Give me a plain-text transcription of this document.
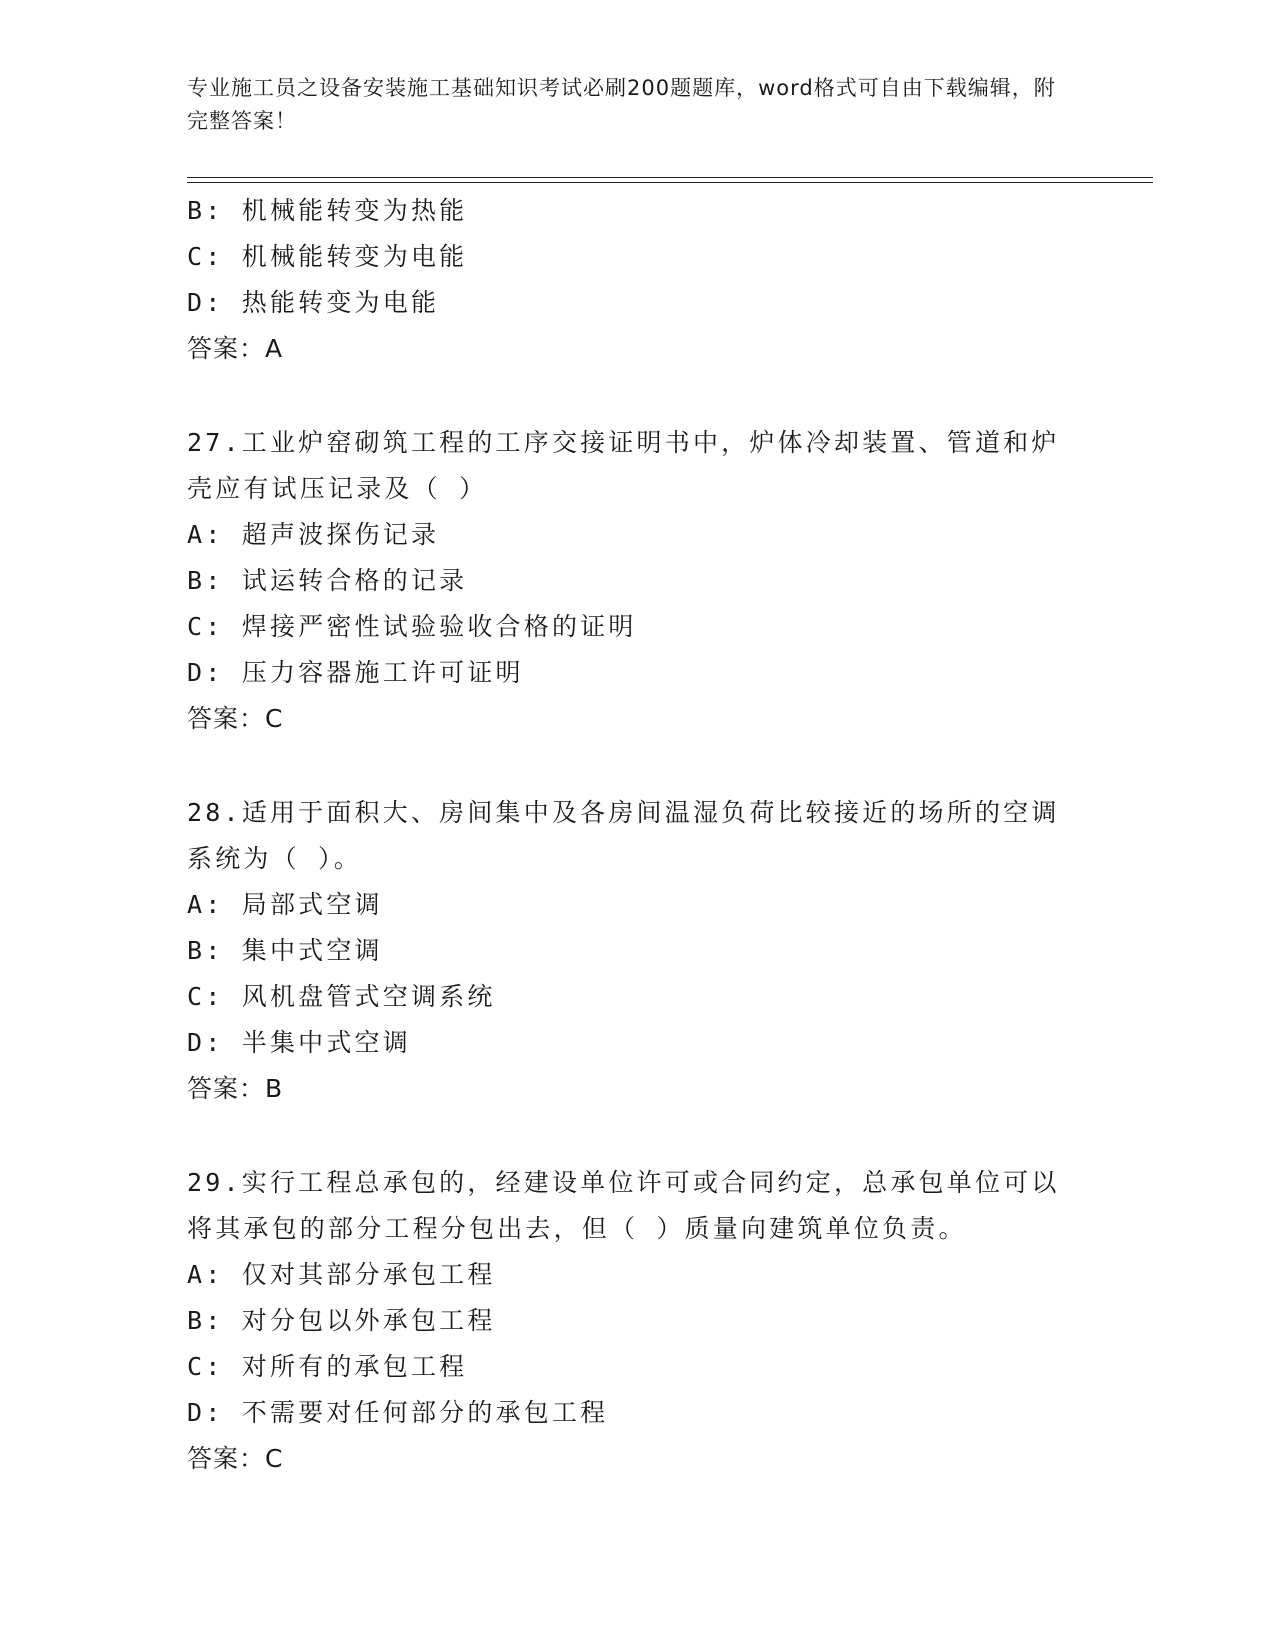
专业施工员之设备安装施工基础知识考试必刷200题题库，word格式可自由下载编辑，附完整答案！
B: 机械能转变为热能
C: 机械能转变为电能
D: 热能转变为电能
答案：A
27.工业炉窑砌筑工程的工序交接证明书中，炉体冷却装置、管道和炉壳应有试压记录及（ ）
A: 超声波探伤记录
B: 试运转合格的记录
C: 焊接严密性试验验收合格的证明
D: 压力容器施工许可证明
答案：C
28.适用于面积大、房间集中及各房间温湿负荷比较接近的场所的空调系统为（ ）。
A: 局部式空调
B: 集中式空调
C: 风机盘管式空调系统
D: 半集中式空调
答案：B
29.实行工程总承包的，经建设单位许可或合同约定，总承包单位可以将其承包的部分工程分包出去，但（ ）质量向建筑单位负责。
A: 仅对其部分承包工程
B: 对分包以外承包工程
C: 对所有的承包工程
D: 不需要对任何部分的承包工程
答案：C
